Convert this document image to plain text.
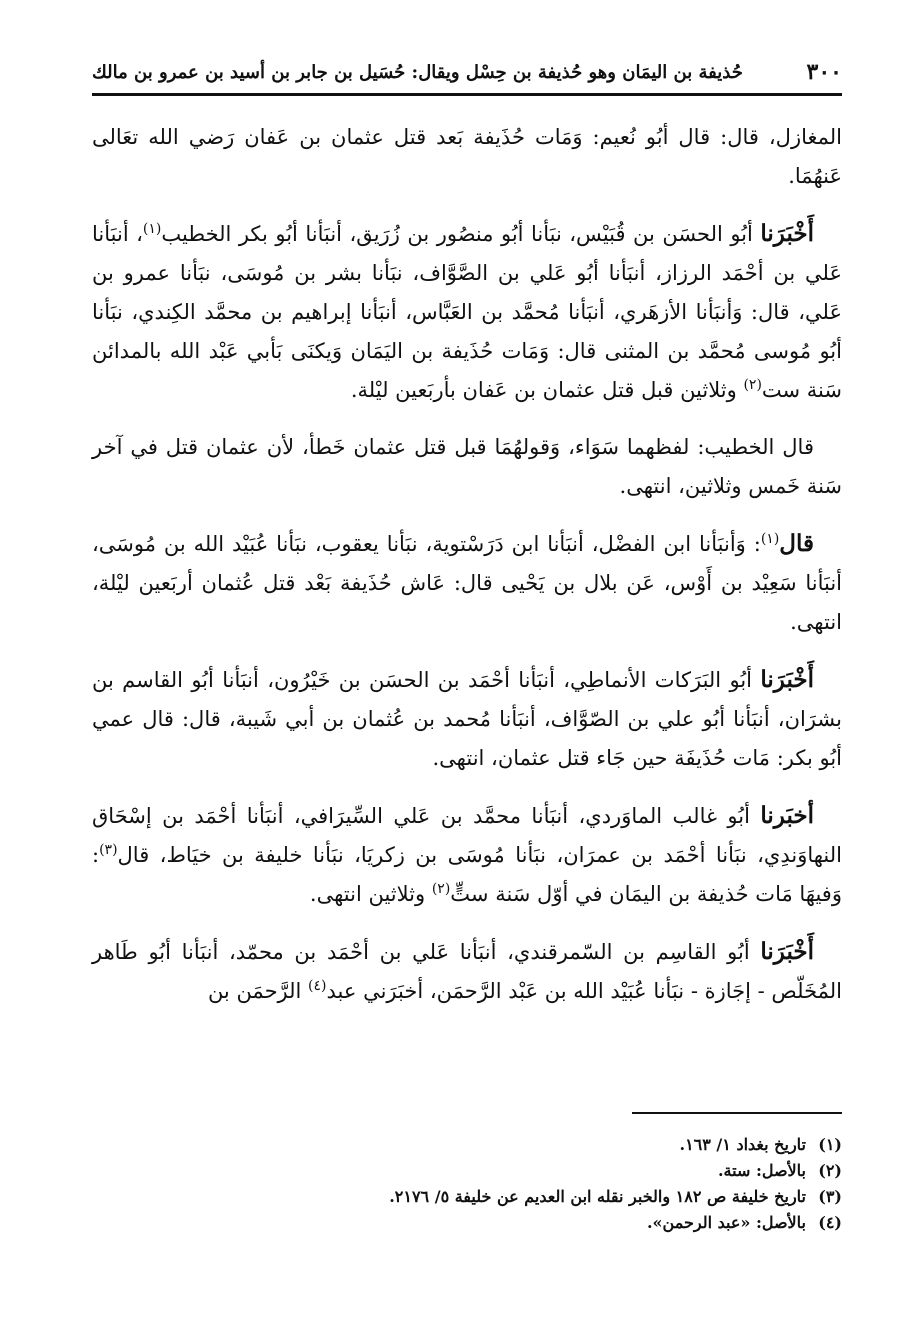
٣٠٠
حُذيفة بن اليمَان وهو حُذيفة بن حِسْل ويقال: حُسَيل بن جابر بن أسيد بن عمرو بن مالك

المغازل، قال: قال أبُو نُعيم: وَمَات حُذَيفة بَعد قتل عثمان بن عَفان رَضي الله تعَالى عَنهُمَا.

أَخْبَرَنا أبُو الحسَن بن قُبَيْس، نبَأنا أبُو منصُور بن زُرَيق، أنبَأنا أبُو بكر الخطيب$^{(١)}$، أنبَأنا عَلي بن أحْمَد الرزاز، أنبَأنا أبُو عَلي بن الصَّوَّاف، نبَأنا بشر بن مُوسَى، نبَأنا عمرو بن عَلي، قال: وَأنبَأنا الأزهَري، أنبَأنا مُحمَّد بن العَبَّاس، أنبَأنا إبراهيم بن محمَّد الكِندي، نبَأنا أبُو مُوسى مُحمَّد بن المثنى قال: وَمَات حُذَيفة بن اليَمَان وَيكنَى بَأبي عَبْد الله بالمدائن سَنة ست$^{(٢)}$ وثلاثين قبل قتل عثمان بن عَفان بأربَعين ليْلة.

قال الخطيب: لفظهما سَوَاء، وَقولهُمَا قبل قتل عثمان خَطأ، لأن عثمان قتل في آخر سَنة خَمس وثلاثين، انتهى.

قال$^{(١)}$: وَأنبَأنا ابن الفضْل، أنبَأنا ابن دَرَسْتوية، نبَأنا يعقوب، نبَأنا عُبَيْد الله بن مُوسَى، أنبَأنا سَعِيْد بن أَوْس، عَن بلال بن يَحْيى قال: عَاش حُذَيفة بَعْد قتل عُثمان أربَعين ليْلة، انتهى.

أَخْبَرَنا أبُو البَرَكات الأنماطِي، أنبَأنا أحْمَد بن الحسَن بن خَيْرُون، أنبَأنا أبُو القاسم بن بشرَان، أنبَأنا أبُو علي بن الصّوَّاف، أنبَأنا مُحمد بن عُثمان بن أبي شَيبة، قال: قال عمي أبُو بكر: مَات حُذَيفَة حين جَاء قتل عثمان، انتهى.

أخبَرنا أبُو غالب الماوَردي، أنبَأنا محمَّد بن عَلي السِّيرَافي، أنبَأنا أحْمَد بن إسْحَاق النهاوَندِي، نبَأنا أحْمَد بن عمرَان، نبَأنا مُوسَى بن زكريَا، نبَأنا خليفة بن خيَاط، قال$^{(٣)}$: وَفيهَا مَات حُذيفة بن اليمَان في أوّل سَنة ستٍّ$^{(٢)}$ وثلاثين انتهى.

أَخْبَرَنا أبُو القاسِم بن السّمرقندي، أنبَأنا عَلي بن أحْمَد بن محمّد، أنبَأنا أبُو طَاهر المُخَلّص - إجَازة - نبَأنا عُبَيْد الله بن عَبْد الرَّحمَن، أخبَرَني عبد$^{(٤)}$ الرَّحمَن بن

(١)
تاريخ بغداد ١/ ١٦٣.
(٢)
بالأصل: ستة.
(٣)
تاريخ خليفة ص ١٨٢ والخبر نقله ابن العديم عن خليفة ٥/ ٢١٧٦.
(٤)
بالأصل: «عبد الرحمن».
